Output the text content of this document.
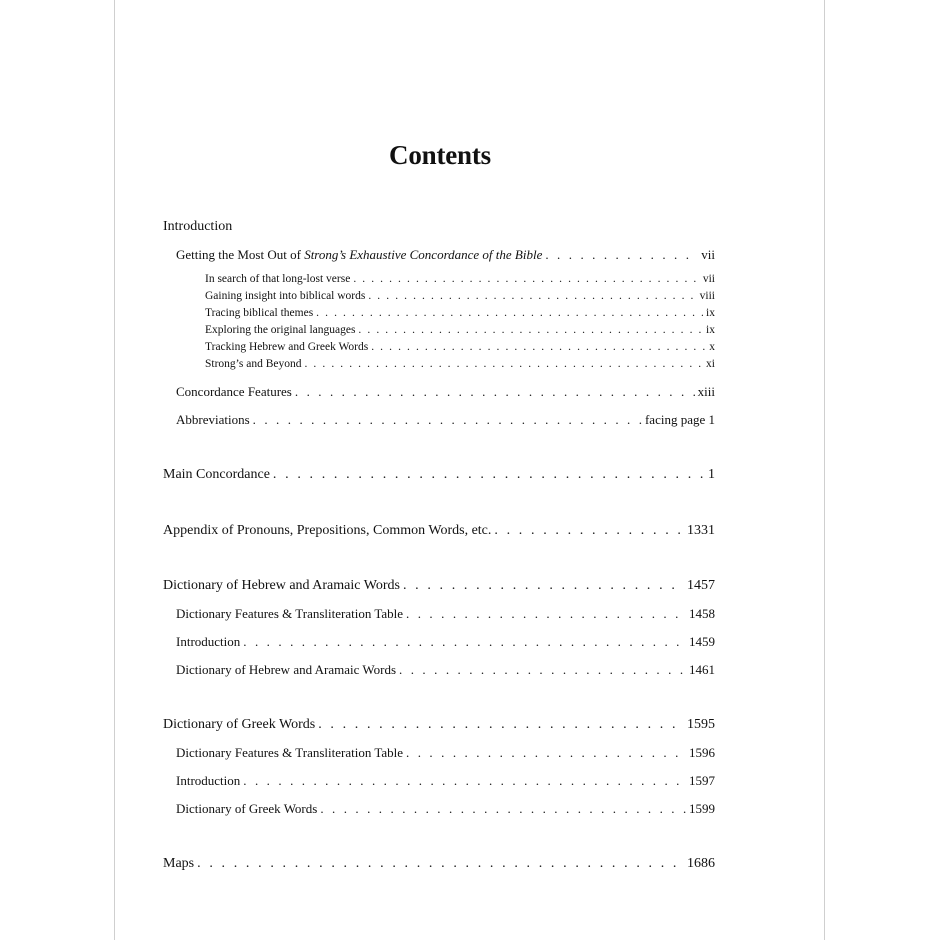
Contents
Introduction
Getting the Most Out of Strong’s Exhaustive Concordance of the Bible . . .	vii
In search of that long-lost verse . . .	vii
Gaining insight into biblical words . . .	viii
Tracing biblical themes . . .	ix
Exploring the original languages . . .	ix
Tracking Hebrew and Greek Words . . .	x
Strong’s and Beyond . . .	xi
Concordance Features . . .	xiii
Abbreviations . . .	facing page 1
Main Concordance . . .	1
Appendix of Pronouns, Prepositions, Common Words, etc. . . .	1331
Dictionary of Hebrew and Aramaic Words . . .	1457
Dictionary Features & Transliteration Table . . .	1458
Introduction . . .	1459
Dictionary of Hebrew and Aramaic Words . . .	1461
Dictionary of Greek Words . . .	1595
Dictionary Features & Transliteration Table . . .	1596
Introduction . . .	1597
Dictionary of Greek Words . . .	1599
Maps . . .	1686
